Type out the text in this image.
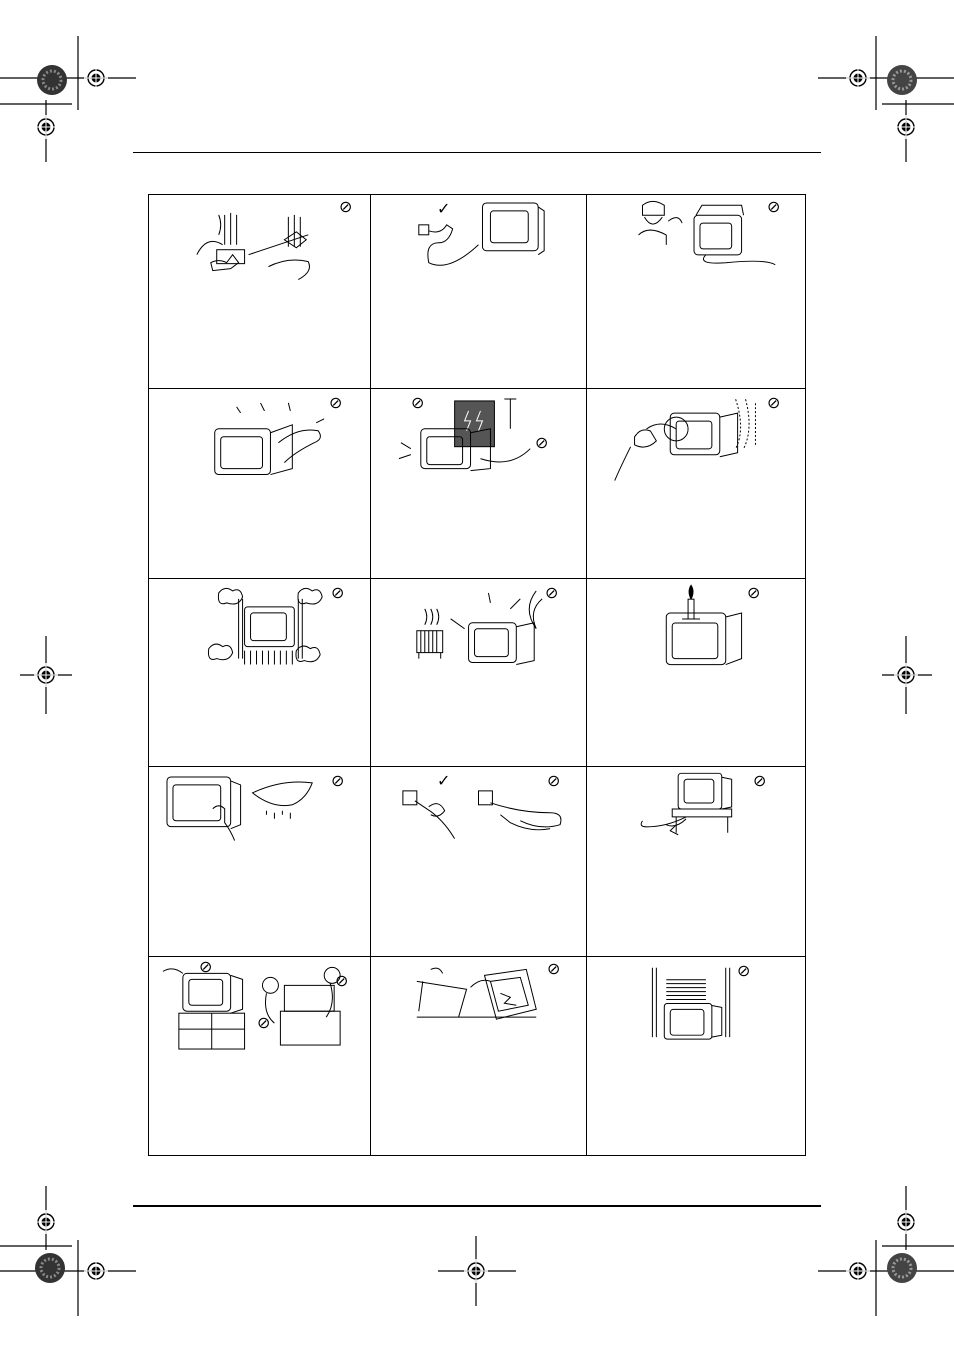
⊘	✓	⊘
⊘	⊘
⊘
⊘
⊘	⊘	⊘
⊘	✓	⊘	⊘
⊘
⊘
⊘
⊘	⊘
